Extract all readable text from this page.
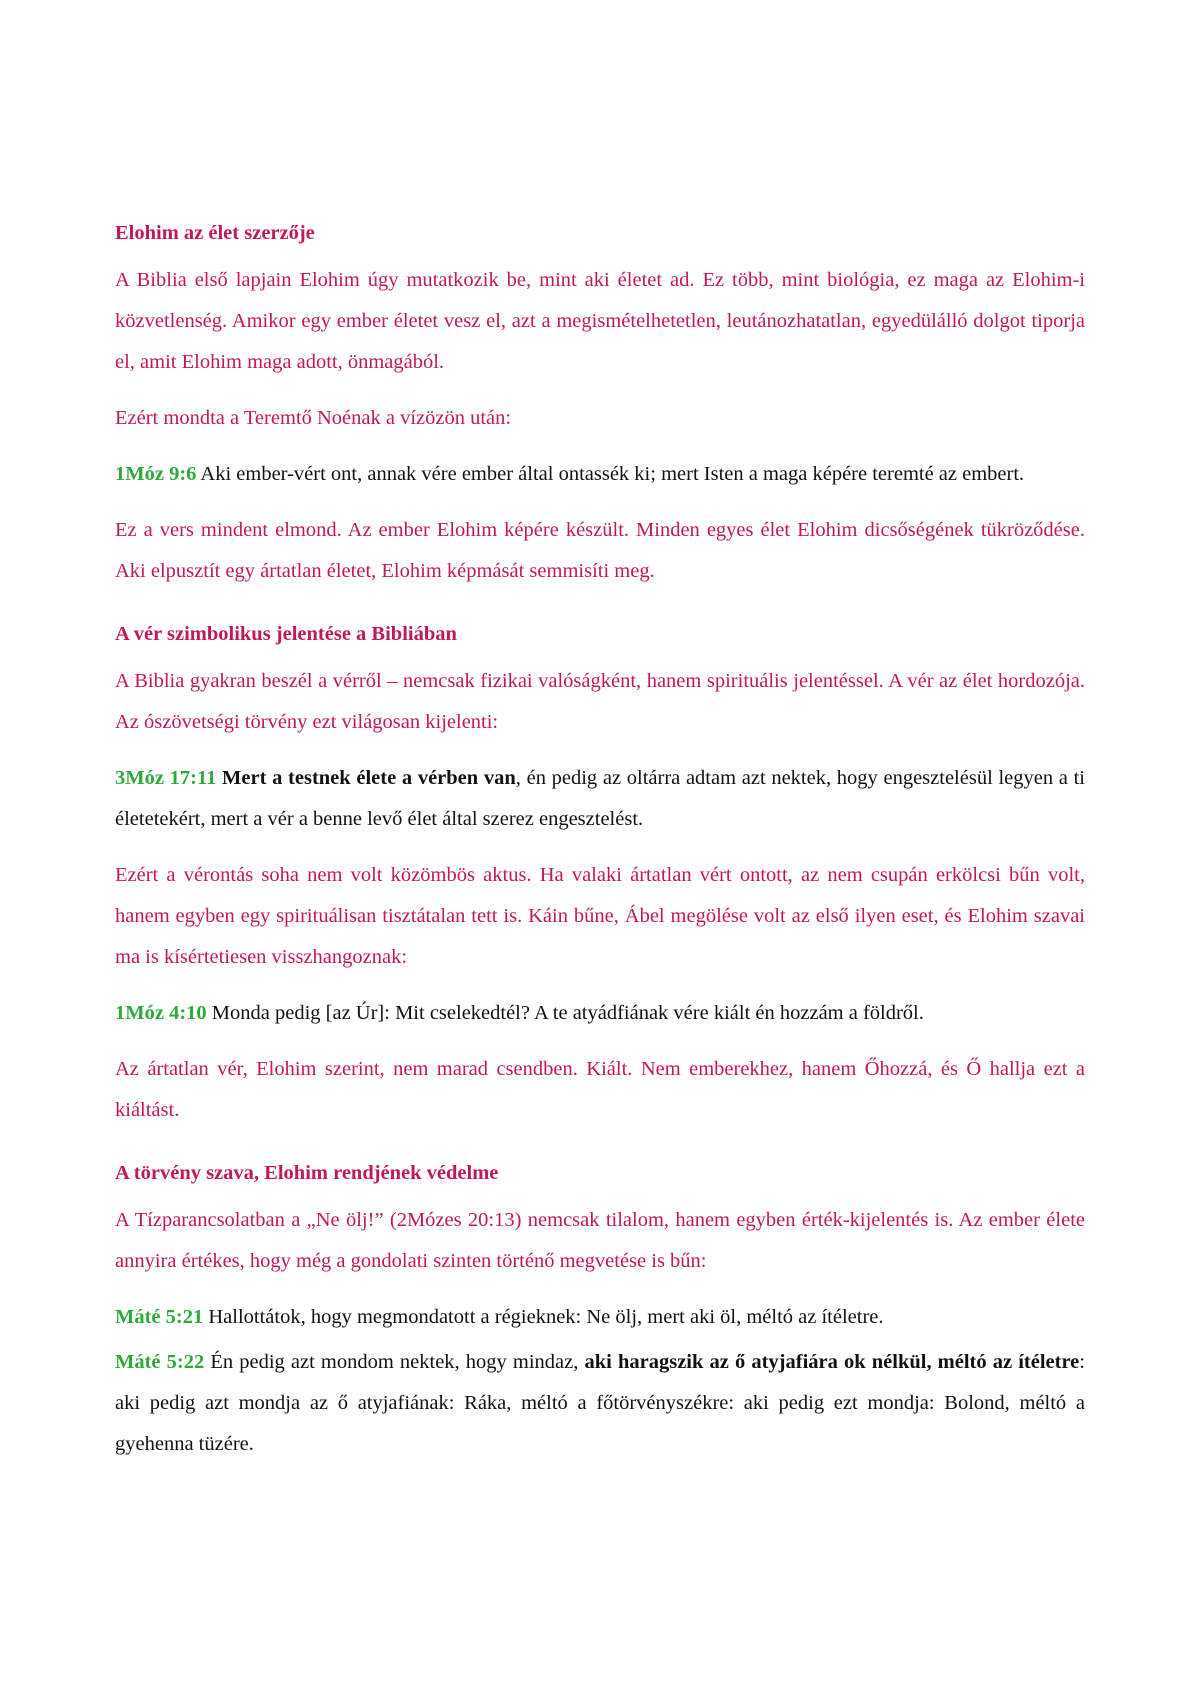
Elohim az élet szerzője

A Biblia első lapjain Elohim úgy mutatkozik be, mint aki életet ad. Ez több, mint biológia, ez maga az Elohim-i közvetlenség. Amikor egy ember életet vesz el, azt a megismételhetetlen, leutánozhatatlan, egyedülálló dolgot tiporja el, amit Elohim maga adott, önmagából.

Ezért mondta a Teremtő Noénak a vízözön után:

1Móz 9:6 Aki ember-vért ont, annak vére ember által ontassék ki; mert Isten a maga képére teremté az embert.

Ez a vers mindent elmond. Az ember Elohim képére készült. Minden egyes élet Elohim dicsőségének tükröződése. Aki elpusztít egy ártatlan életet, Elohim képmását semmisíti meg.

A vér szimbolikus jelentése a Bibliában

A Biblia gyakran beszél a vérről – nemcsak fizikai valóságként, hanem spirituális jelentéssel. A vér az élet hordozója. Az ószövetségi törvény ezt világosan kijelenti:

3Móz 17:11 Mert a testnek élete a vérben van, én pedig az oltárra adtam azt nektek, hogy engesztelésül legyen a ti életetekért, mert a vér a benne levő élet által szerez engesztelést.

Ezért a vérontás soha nem volt közömbös aktus. Ha valaki ártatlan vért ontott, az nem csupán erkölcsi bűn volt, hanem egyben egy spirituálisan tisztátalan tett is. Káin bűne, Ábel megölése volt az első ilyen eset, és Elohim szavai ma is kísértetiesen visszhangoznak:

1Móz 4:10 Monda pedig [az Úr]: Mit cselekedtél? A te atyádfiának vére kiált én hozzám a földről.

Az ártatlan vér, Elohim szerint, nem marad csendben. Kiált. Nem emberekhez, hanem Őhozzá, és Ő hallja ezt a kiáltást.

A törvény szava, Elohim rendjének védelme

A Tízparancsolatban a „Ne ölj!” (2Mózes 20:13) nemcsak tilalom, hanem egyben érték-kijelentés is. Az ember élete annyira értékes, hogy még a gondolati szinten történő megvetése is bűn:

Máté 5:21 Hallottátok, hogy megmondatott a régieknek: Ne ölj, mert aki öl, méltó az ítéletre.

Máté 5:22 Én pedig azt mondom nektek, hogy mindaz, aki haragszik az ő atyjafiára ok nélkül, méltó az ítéletre: aki pedig azt mondja az ő atyjafiának: Ráka, méltó a főtörvényszékre: aki pedig ezt mondja: Bolond, méltó a gyehenna tüzére.
